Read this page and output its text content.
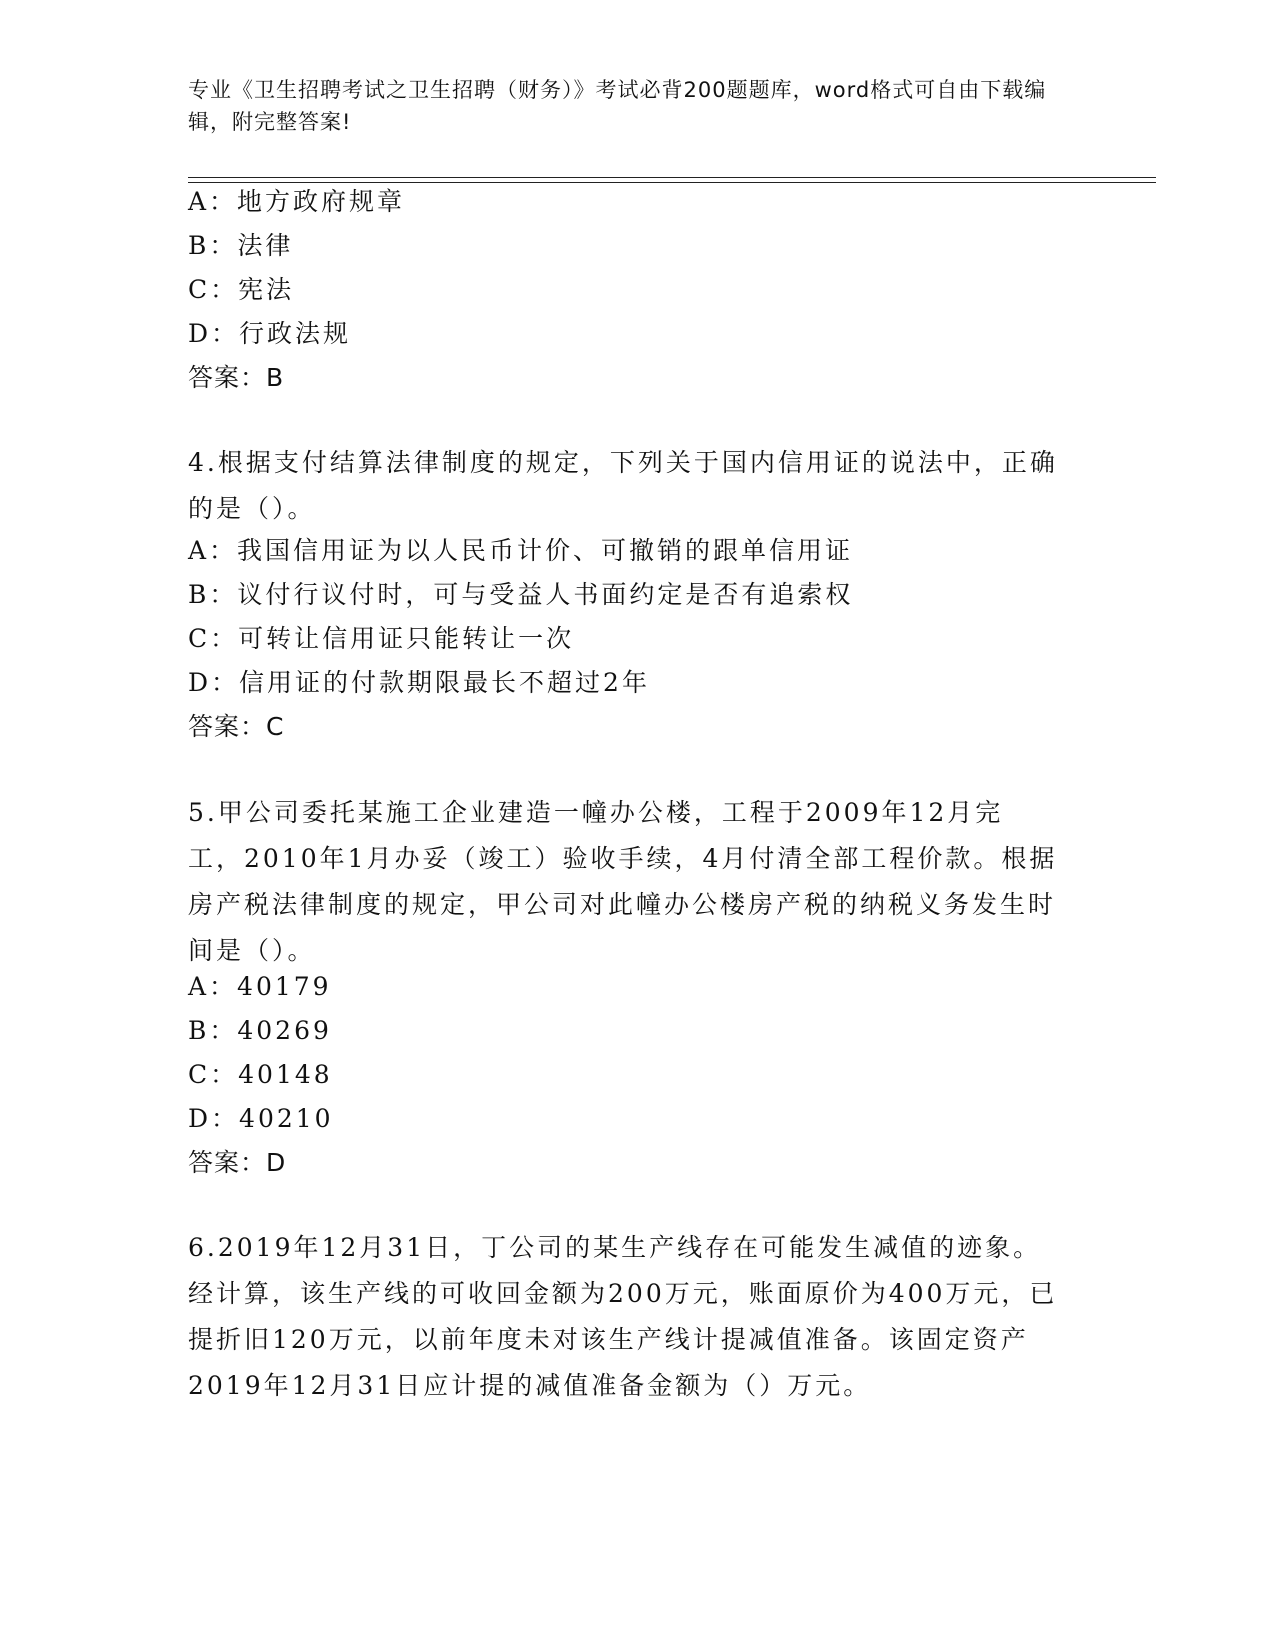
专业《卫生招聘考试之卫生招聘（财务）》考试必背200题题库，word格式可自由下载编辑，附完整答案!
A：地方政府规章
B：法律
C：宪法
D：行政法规
答案：B
4.根据支付结算法律制度的规定，下列关于国内信用证的说法中，正确的是（）。
A：我国信用证为以人民币计价、可撤销的跟单信用证
B：议付行议付时，可与受益人书面约定是否有追索权
C：可转让信用证只能转让一次
D：信用证的付款期限最长不超过2年
答案：C
5.甲公司委托某施工企业建造一幢办公楼，工程于2009年12月完工，2010年1月办妥（竣工）验收手续，4月付清全部工程价款。根据房产税法律制度的规定，甲公司对此幢办公楼房产税的纳税义务发生时间是（）。
A：40179
B：40269
C：40148
D：40210
答案：D
6.2019年12月31日，丁公司的某生产线存在可能发生减值的迹象。经计算，该生产线的可收回金额为200万元，账面原价为400万元，已提折旧120万元，以前年度未对该生产线计提减值准备。该固定资产2019年12月31日应计提的减值准备金额为（）万元。
